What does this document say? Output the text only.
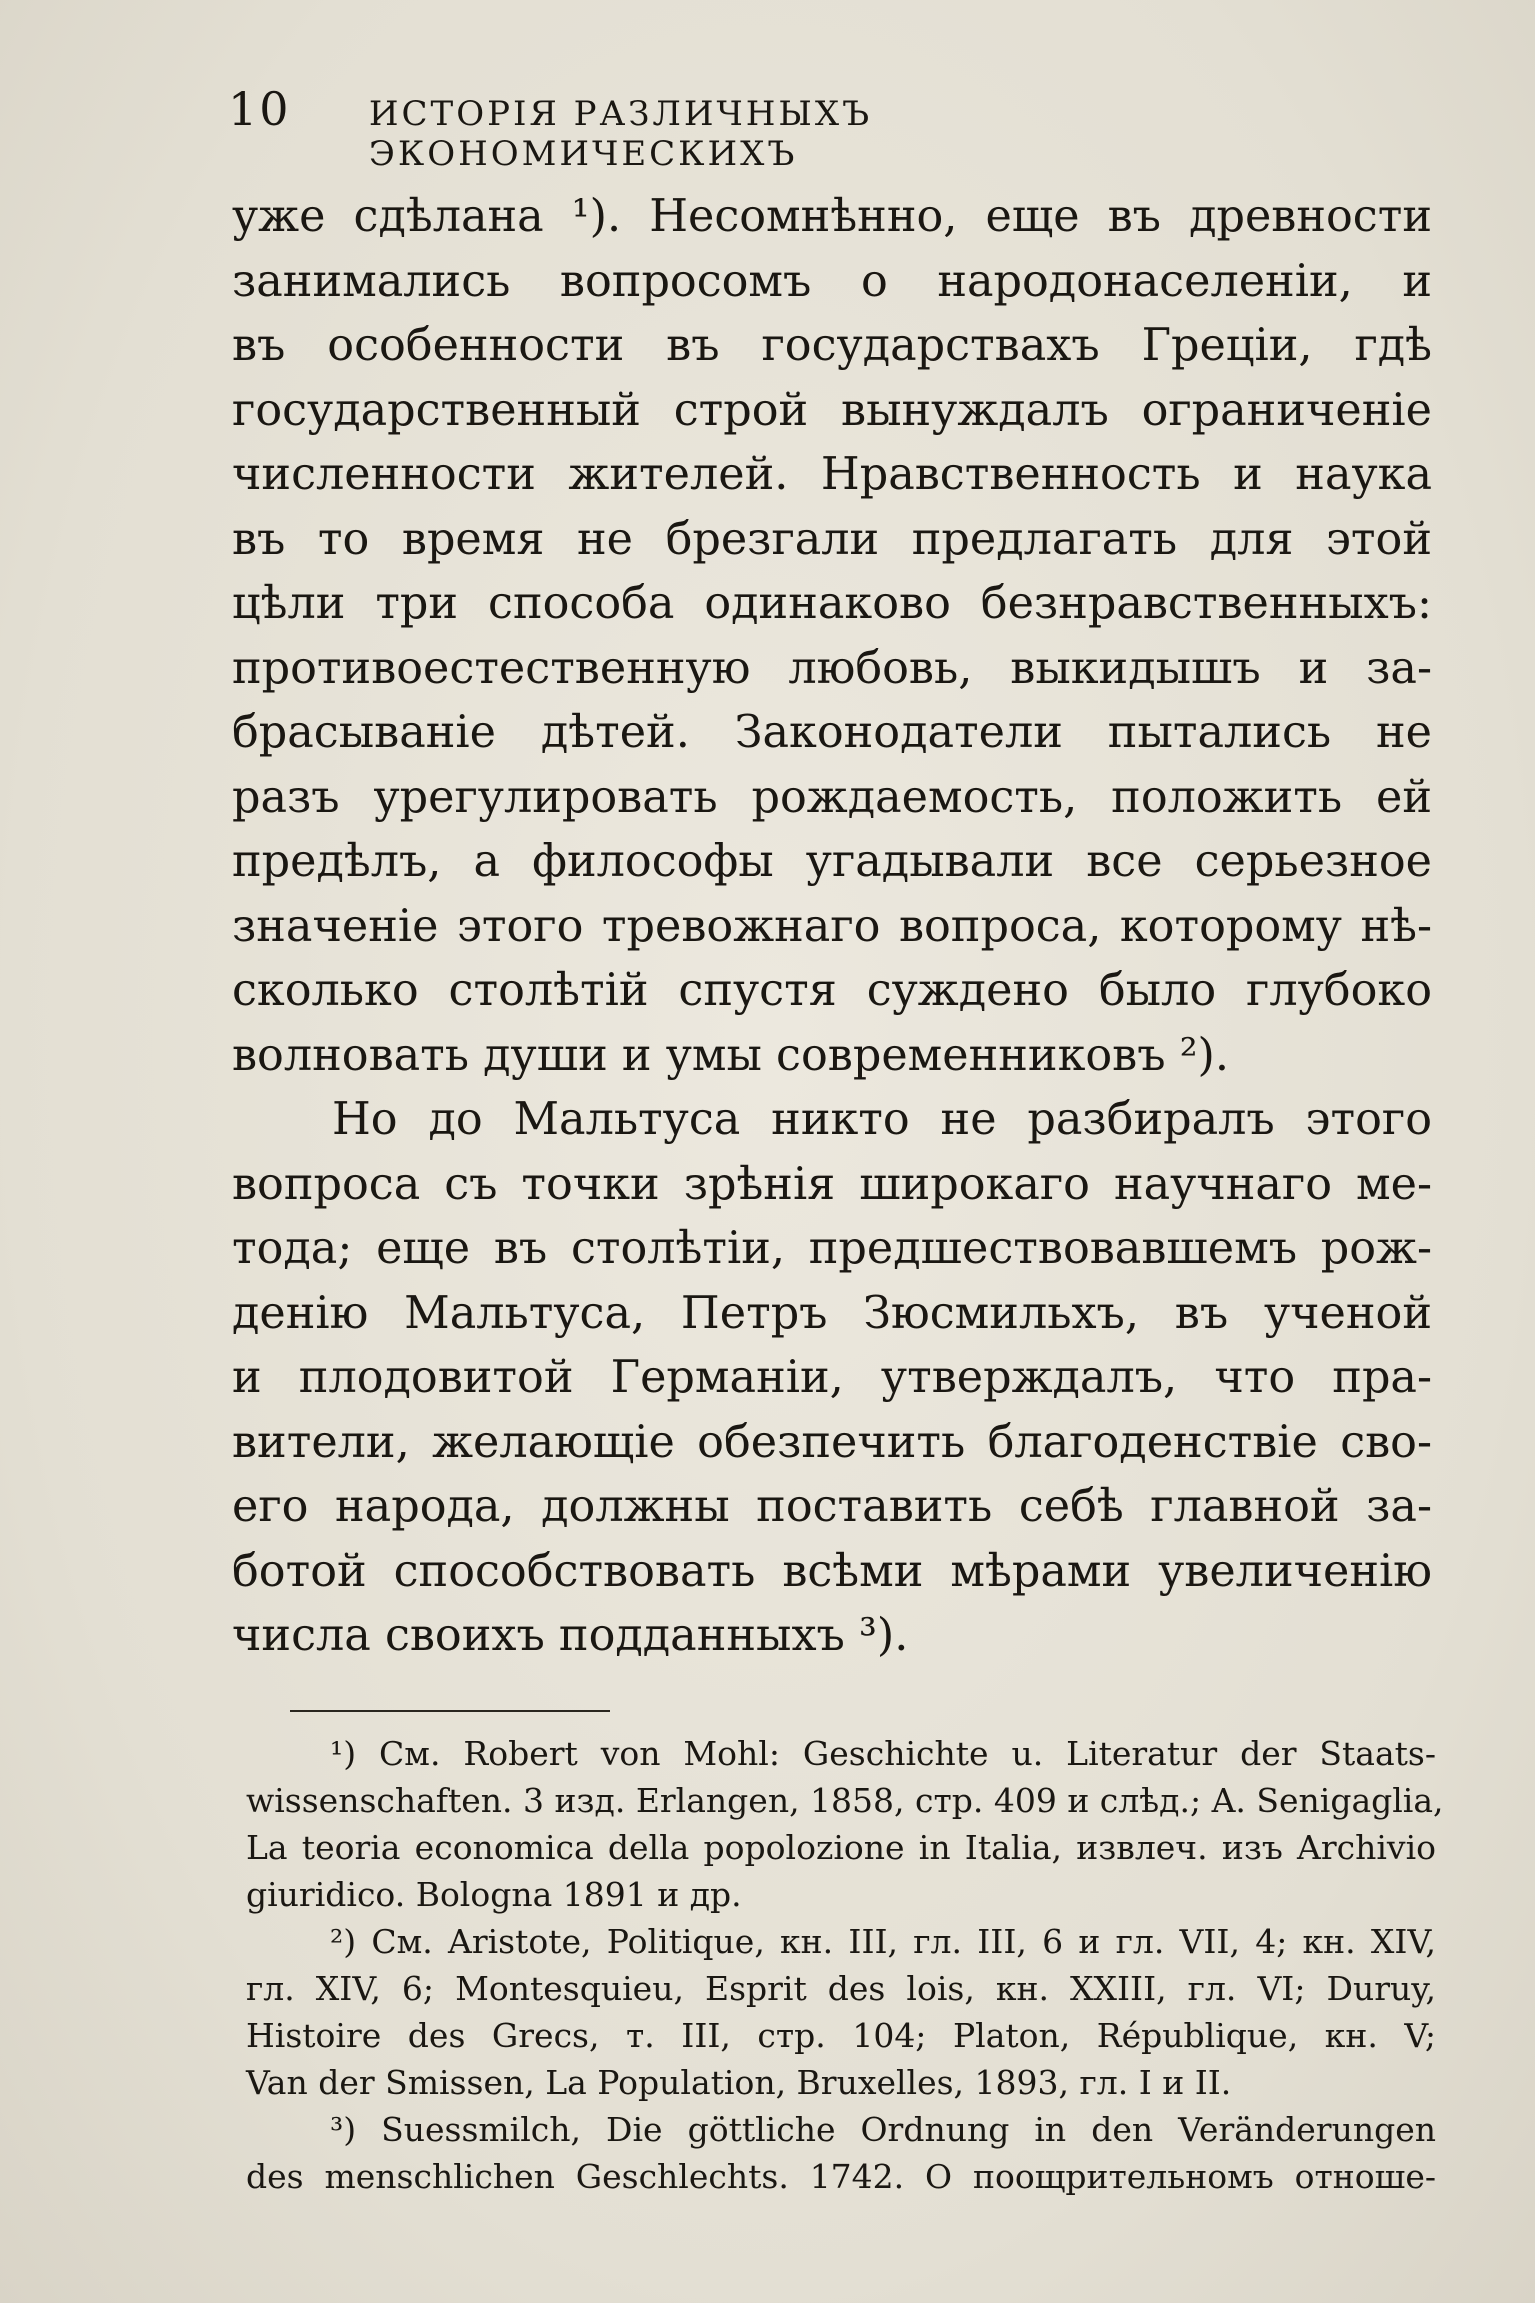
10	ИСТОРІЯ РАЗЛИЧНЫХЪ ЭКОНОМИЧЕСКИХЪ
уже сдѣлана ¹). Несомнѣнно, еще въ древности
занимались вопросомъ о народонаселеніи, и
въ особенности въ государствахъ Греціи, гдѣ
государственный строй вынуждалъ ограниченіе
численности жителей. Нравственность и наука
въ то время не брезгали предлагать для этой
цѣли три способа одинаково безнравственныхъ:
противоестественную любовь, выкидышъ и за-
брасываніе дѣтей. Законодатели пытались не
разъ урегулировать рождаемость, положить ей
предѣлъ, а философы угадывали все серьезное
значеніе этого тревожнаго вопроса, которому нѣ-
сколько столѣтій спустя суждено было глубоко
волновать души и умы современниковъ ²).
Но до Мальтуса никто не разбиралъ этого
вопроса съ точки зрѣнія широкаго научнаго ме-
тода; еще въ столѣтіи, предшествовавшемъ рож-
денію Мальтуса, Петръ Зюсмильхъ, въ ученой
и плодовитой Германіи, утверждалъ, что пра-
вители, желающіе обезпечить благоденствіе сво-
его народа, должны поставить себѣ главной за-
ботой способствовать всѣми мѣрами увеличенію
числа своихъ подданныхъ ³).
¹) См. Robert von Mohl: Geschichte u. Literatur der Staats-
wissenschaften. 3 изд. Erlangen, 1858, стр. 409 и слѣд.; A. Senigaglia,
La teoria economica della popolozione in Italia, извлеч. изъ Archivio
giuridico. Bologna 1891 и др.
²) См. Aristote, Politique, кн. III, гл. III, 6 и гл. VII, 4; кн. XIV,
гл. XIV, 6; Montesquieu, Esprit des lois, кн. XXIII, гл. VI; Duruy,
Histoire des Grecs, т. III, стр. 104; Platon, République, кн. V;
Van der Smissen, La Population, Bruxelles, 1893, гл. I и II.
³) Suessmilch, Die göttliche Ordnung in den Veränderungen
des menschlichen Geschlechts. 1742. О поощрительномъ отноше-
